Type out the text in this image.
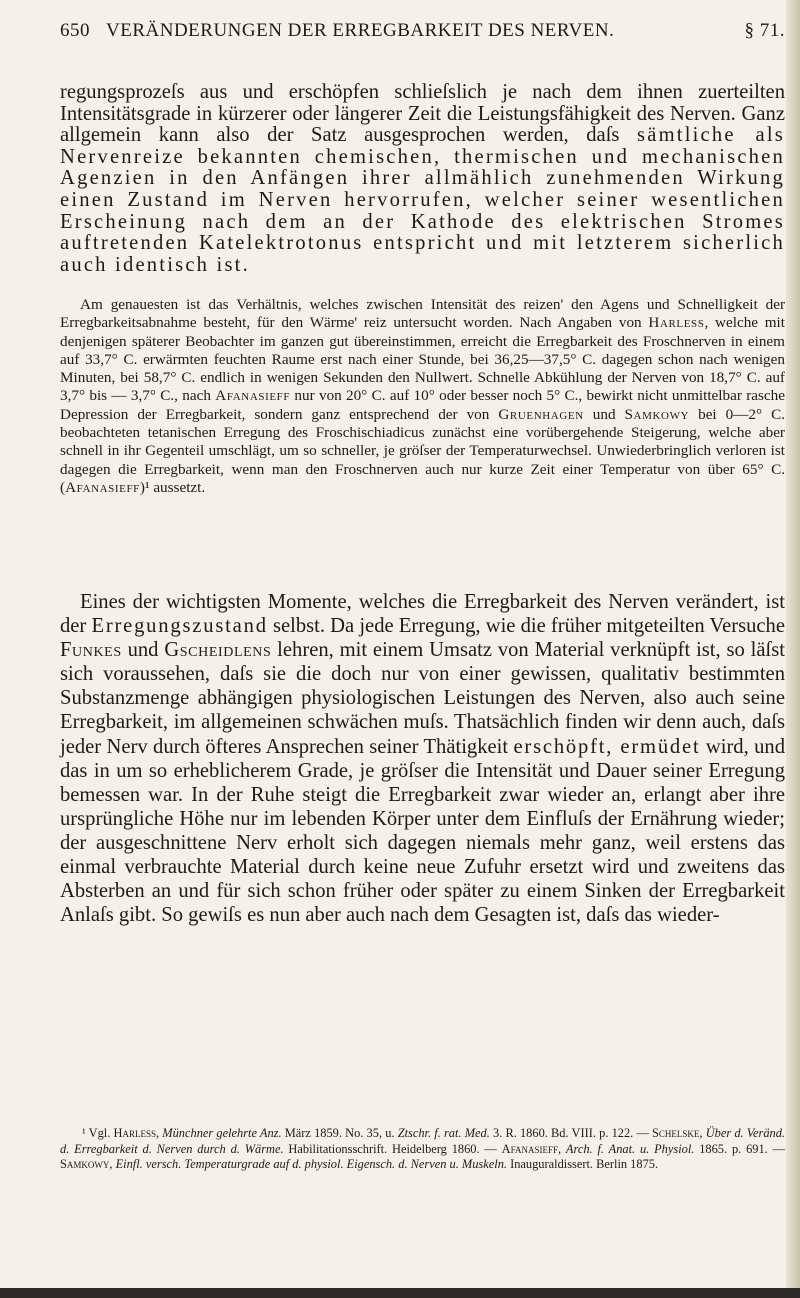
650 VERÄNDERUNGEN DER ERREGBARKEIT DES NERVEN.	§ 71.

regungsprozeſs aus und erschöpfen schlieſslich je nach dem ihnen zuerteilten Intensitätsgrade in kürzerer oder längerer Zeit die Leistungsfähigkeit des Nerven. Ganz allgemein kann also der Satz ausgesprochen werden, daſs sämtliche als Nervenreize bekannten chemischen, thermischen und mechanischen Agenzien in den Anfängen ihrer allmählich zunehmenden Wirkung einen Zustand im Nerven hervorrufen, welcher seiner wesentlichen Erscheinung nach dem an der Kathode des elektrischen Stromes auftretenden Katelektrotonus entspricht und mit letzterem sicherlich auch identisch ist.

Am genauesten ist das Verhältnis, welches zwischen Intensität des reizen' den Agens und Schnelligkeit der Erregbarkeitsabnahme besteht, für den Wärme' reiz untersucht worden. Nach Angaben von Harless, welche mit denjenigen späterer Beobachter im ganzen gut übereinstimmen, erreicht die Erregbarkeit des Froschnerven in einem auf 33,7° C. erwärmten feuchten Raume erst nach einer Stunde, bei 36,25—37,5° C. dagegen schon nach wenigen Minuten, bei 58,7° C. endlich in wenigen Sekunden den Nullwert. Schnelle Abkühlung der Nerven von 18,7° C. auf 3,7° bis — 3,7° C., nach Afanasieff nur von 20° C. auf 10° oder besser noch 5° C., bewirkt nicht unmittelbar rasche Depression der Erregbarkeit, sondern ganz entsprechend der von Gruenhagen und Samkowy bei 0—2° C. beobachteten tetanischen Erregung des Froschischiadicus zunächst eine vorübergehende Steigerung, welche aber schnell in ihr Gegenteil umschlägt, um so schneller, je gröſser der Temperaturwechsel. Unwiederbringlich verloren ist dagegen die Erregbarkeit, wenn man den Froschnerven auch nur kurze Zeit einer Temperatur von über 65° C. (Afanasieff)¹ aussetzt.

Eines der wichtigsten Momente, welches die Erregbarkeit des Nerven verändert, ist der Erregungszustand selbst. Da jede Erregung, wie die früher mitgeteilten Versuche Funkes und Gscheidlens lehren, mit einem Umsatz von Material verknüpft ist, so läſst sich voraussehen, daſs sie die doch nur von einer gewissen, qualitativ bestimmten Substanzmenge abhängigen physiologischen Leistungen des Nerven, also auch seine Erregbarkeit, im allgemeinen schwächen muſs. Thatsächlich finden wir denn auch, daſs jeder Nerv durch öfteres Ansprechen seiner Thätigkeit erschöpft, ermüdet wird, und das in um so erheblicherem Grade, je gröſser die Intensität und Dauer seiner Erregung bemessen war. In der Ruhe steigt die Erregbarkeit zwar wieder an, erlangt aber ihre ursprüngliche Höhe nur im lebenden Körper unter dem Einfluſs der Ernährung wieder; der ausgeschnittene Nerv erholt sich dagegen niemals mehr ganz, weil erstens das einmal verbrauchte Material durch keine neue Zufuhr ersetzt wird und zweitens das Absterben an und für sich schon früher oder später zu einem Sinken der Erregbarkeit Anlaſs gibt. So gewiſs es nun aber auch nach dem Gesagten ist, daſs das wieder-

¹ Vgl. Harless, Münchner gelehrte Anz. März 1859. No. 35, u. Ztschr. f. rat. Med. 3. R. 1860. Bd. VIII. p. 122. — Schelske, Über d. Veränd. d. Erregbarkeit d. Nerven durch d. Wärme. Habilitationsschrift. Heidelberg 1860. — Afanasieff, Arch. f. Anat. u. Physiol. 1865. p. 691. — Samkowy, Einfl. versch. Temperaturgrade auf d. physiol. Eigensch. d. Nerven u. Muskeln. Inauguraldissert. Berlin 1875.
